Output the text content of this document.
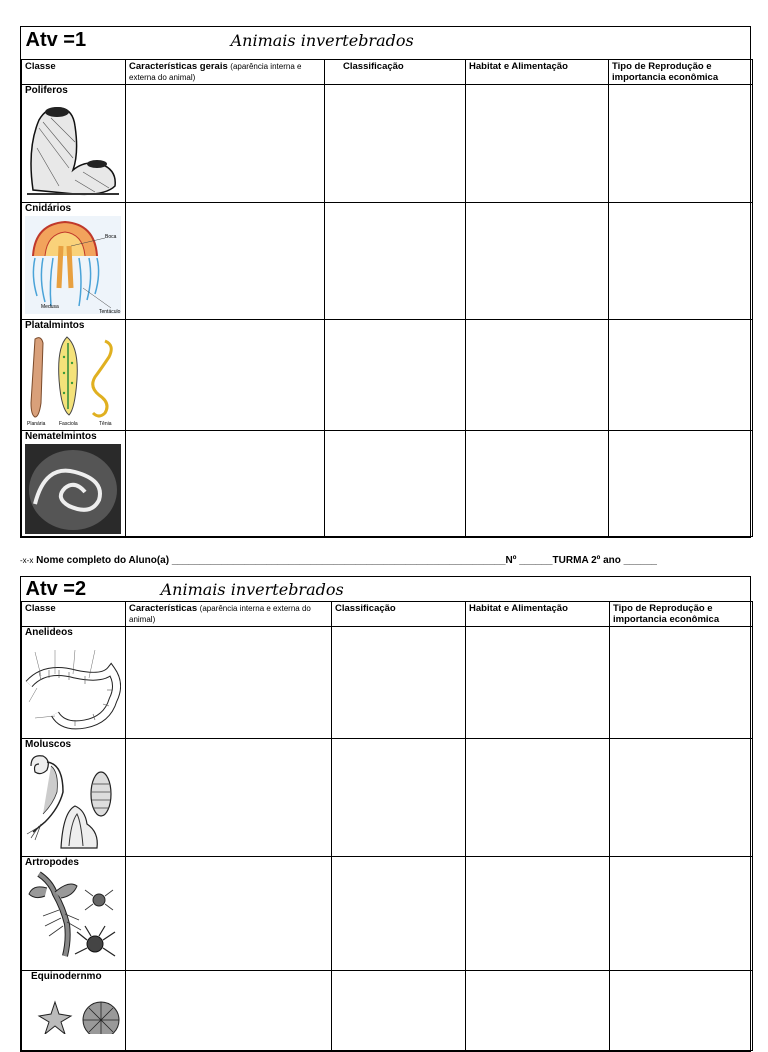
Atv =1 Animais invertebrados				
Classe	Características gerais (aparência interna e externa do animal)	Classificação	Habitat e Alimentação	Tipo de Reprodução e importancia econômica

Poliferos				

Cnidários
Boca
Medusa
Tentáculo				

Platalmintos
Planária Fasciola Tênia				

Nematelmintos				

-x-x Nome completo do Aluno(a) ____________________________________________________________Nº ______TURMA 2º ano ______
Atv =2 Animais invertebrados				
Classe	Características (aparência interna e externa do animal)	Classificação	Habitat e Alimentação	Tipo de Reprodução e importancia econômica

Anelideos				

Moluscos				

Artropodes				

Equinodernmo				
